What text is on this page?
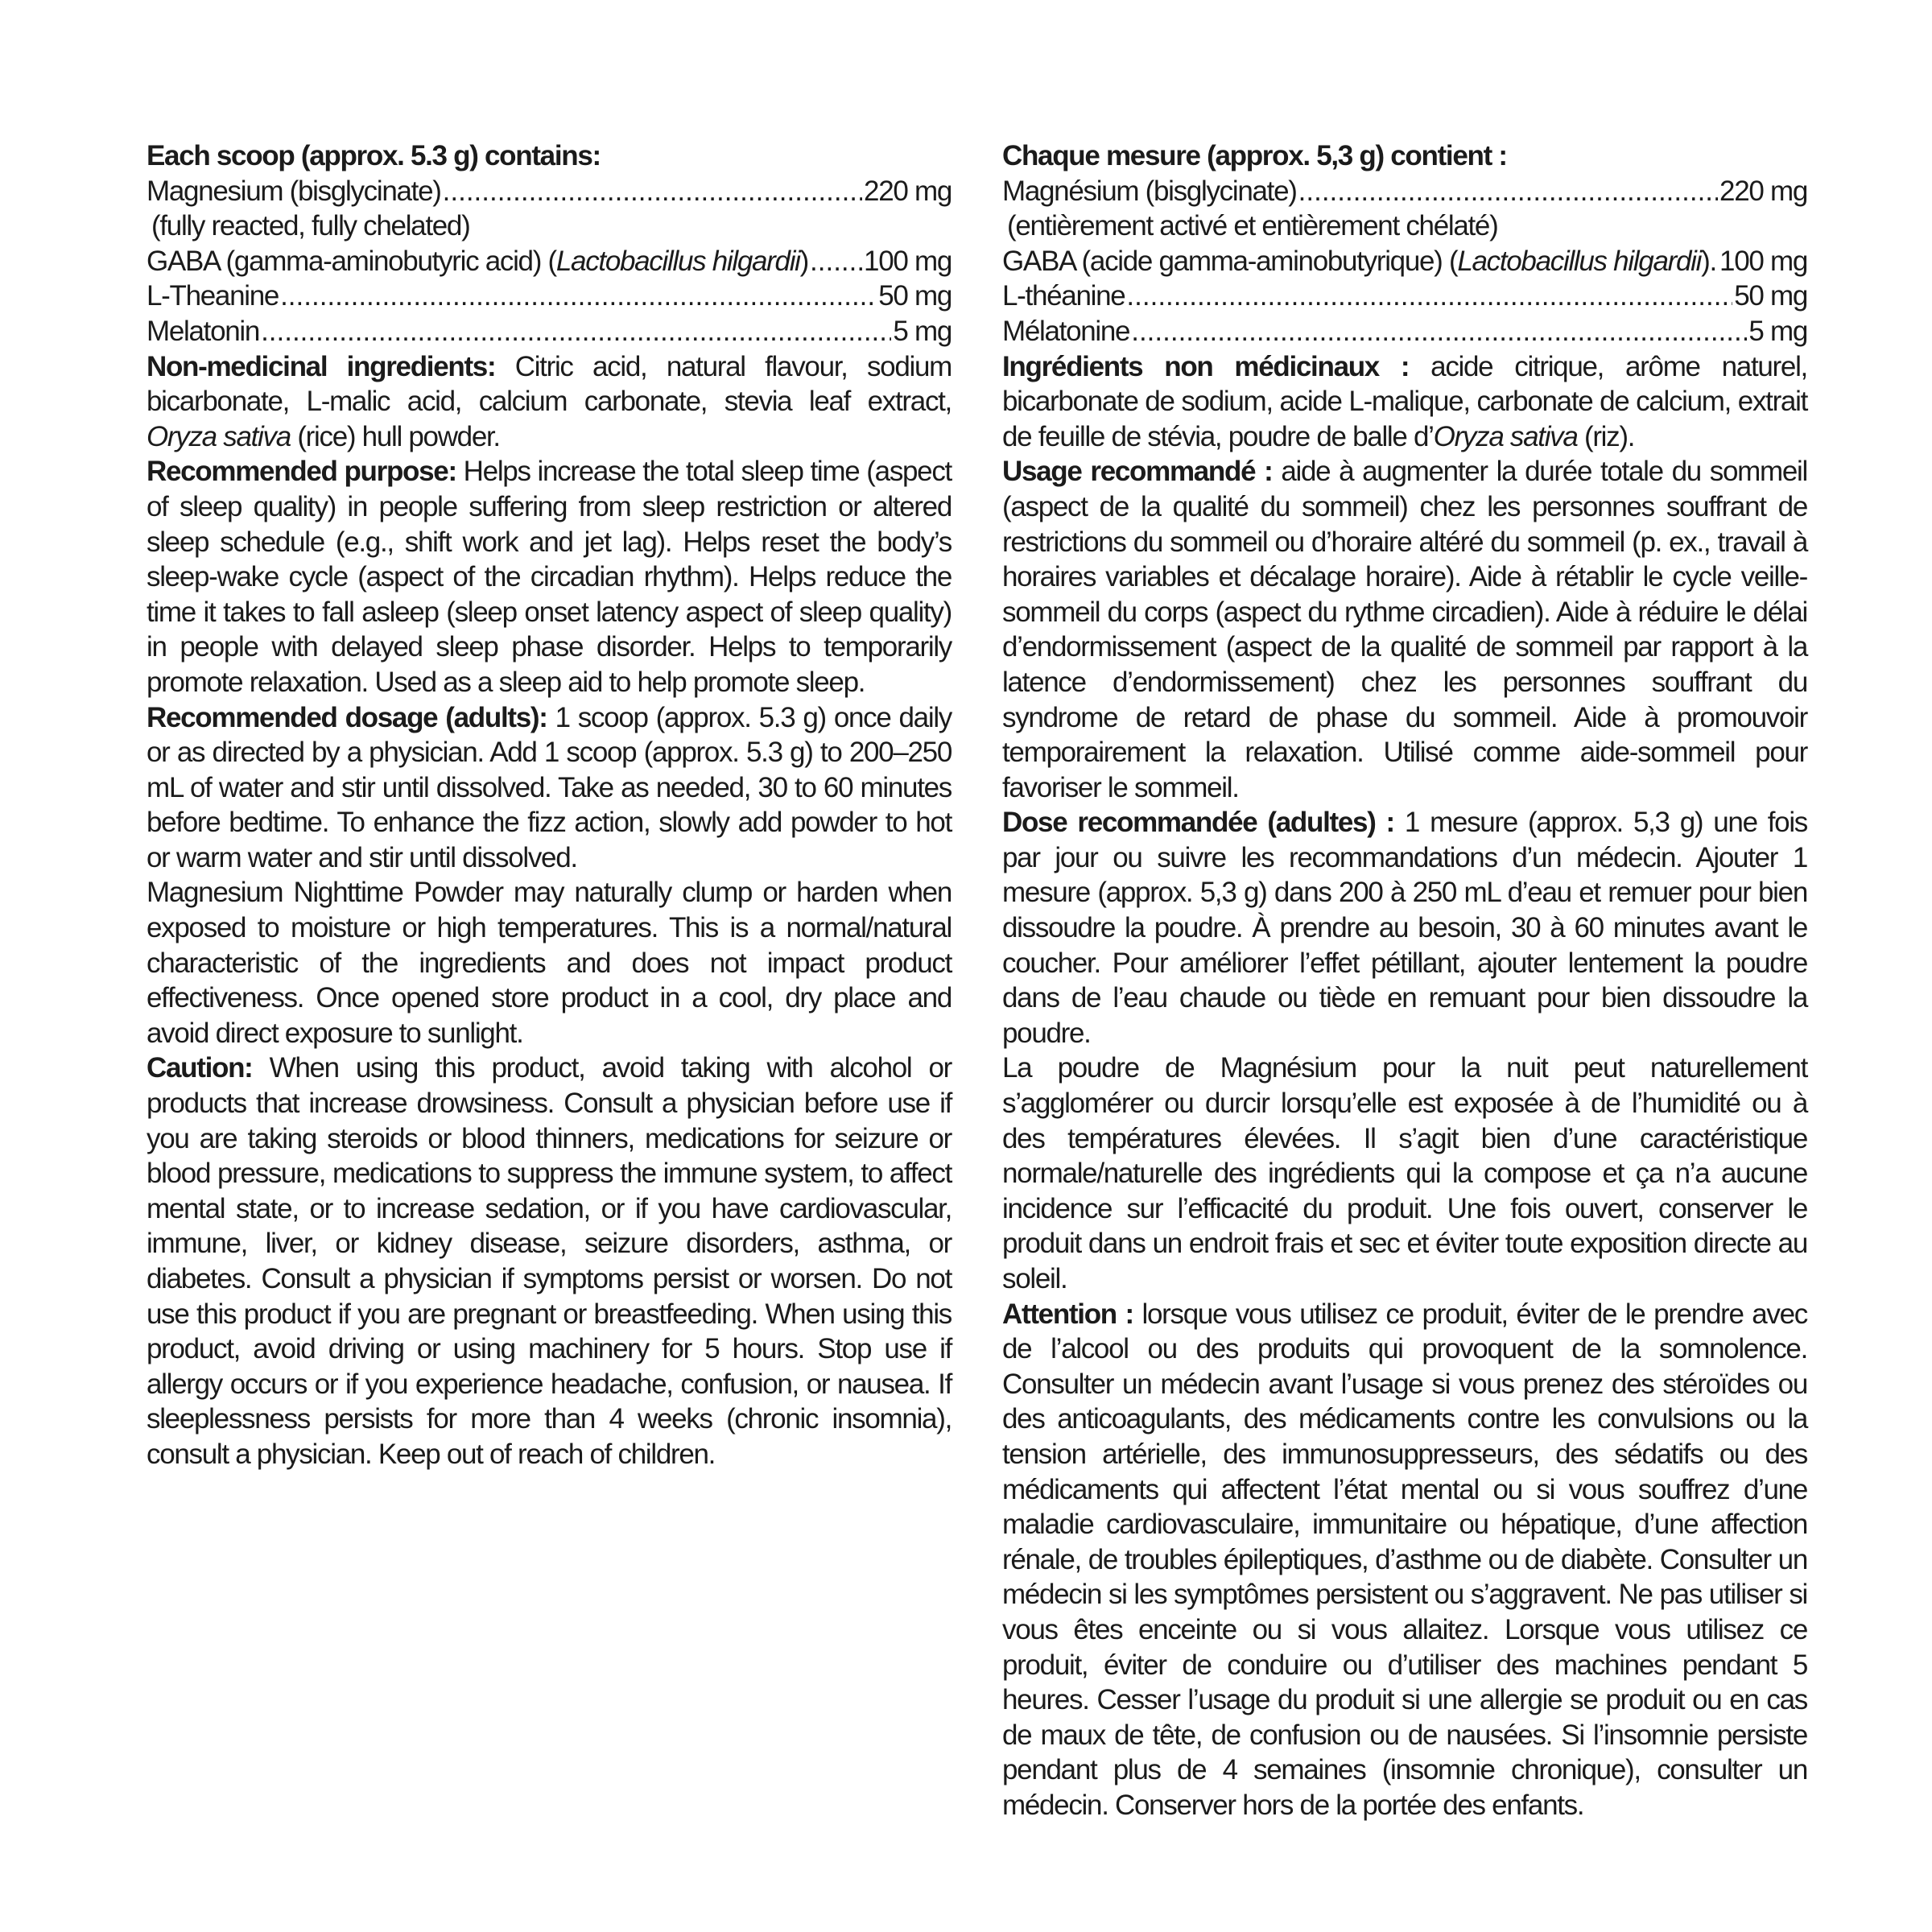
Each scoop (approx. 5.3 g) contains:

Magnesium (bisglycinate) .....	220 mg
(fully reacted, fully chelated)
GABA (gamma-aminobutyric acid) (Lactobacillus hilgardii) ..... 100 mg
L-Theanine .....	50 mg
Melatonin .....	5 mg

Non-medicinal ingredients: Citric acid, natural flavour, sodium bicarbonate, L-malic acid, calcium carbonate, stevia leaf extract, Oryza sativa (rice) hull powder.

Recommended purpose: Helps increase the total sleep time (aspect of sleep quality) in people suffering from sleep restriction or altered sleep schedule (e.g., shift work and jet lag). Helps reset the body’s sleep-wake cycle (aspect of the circadian rhythm). Helps reduce the time it takes to fall asleep (sleep onset latency aspect of sleep quality) in people with delayed sleep phase disorder. Helps to temporarily promote relaxation. Used as a sleep aid to help promote sleep.

Recommended dosage (adults): 1 scoop (approx. 5.3 g) once daily or as directed by a physician. Add 1 scoop (approx. 5.3 g) to 200–250 mL of water and stir until dissolved. Take as needed, 30 to 60 minutes before bedtime. To enhance the fizz action, slowly add powder to hot or warm water and stir until dissolved.

Magnesium Nighttime Powder may naturally clump or harden when exposed to moisture or high temperatures. This is a normal/natural characteristic of the ingredients and does not impact product effectiveness. Once opened store product in a cool, dry place and avoid direct exposure to sunlight.

Caution: When using this product, avoid taking with alcohol or products that increase drowsiness. Consult a physician before use if you are taking steroids or blood thinners, medications for seizure or blood pressure, medications to suppress the immune system, to affect mental state, or to increase sedation, or if you have cardiovascular, immune, liver, or kidney disease, seizure disorders, asthma, or diabetes. Consult a physician if symptoms persist or worsen. Do not use this product if you are pregnant or breastfeeding. When using this product, avoid driving or using machinery for 5 hours. Stop use if allergy occurs or if you experience headache, confusion, or nausea. If sleeplessness persists for more than 4 weeks (chronic insomnia), consult a physician. Keep out of reach of children.

Chaque mesure (approx. 5,3 g) contient :

Magnésium (bisglycinate) .....	220 mg
(entièrement activé et entièrement chélaté)
GABA (acide gamma-aminobutyrique) (Lactobacillus hilgardii). ..... 100 mg
L-théanine .....	50 mg
Mélatonine .....	5 mg

Ingrédients non médicinaux : acide citrique, arôme naturel, bicarbonate de sodium, acide L-malique, carbonate de calcium, extrait de feuille de stévia, poudre de balle d’Oryza sativa (riz).

Usage recommandé : aide à augmenter la durée totale du sommeil (aspect de la qualité du sommeil) chez les personnes souffrant de restrictions du sommeil ou d’horaire altéré du sommeil (p. ex., travail à horaires variables et décalage horaire). Aide à rétablir le cycle veille-sommeil du corps (aspect du rythme circadien). Aide à réduire le délai d’endormissement (aspect de la qualité de sommeil par rapport à la latence d’endormissement) chez les personnes souffrant du syndrome de retard de phase du sommeil. Aide à promouvoir temporairement la relaxation. Utilisé comme aide-sommeil pour favoriser le sommeil.

Dose recommandée (adultes) : 1 mesure (approx. 5,3 g) une fois par jour ou suivre les recommandations d’un médecin. Ajouter 1 mesure (approx. 5,3 g) dans 200 à 250 mL d’eau et remuer pour bien dissoudre la poudre. À prendre au besoin, 30 à 60 minutes avant le coucher. Pour améliorer l’effet pétillant, ajouter lentement la poudre dans de l’eau chaude ou tiède en remuant pour bien dissoudre la poudre.

La poudre de Magnésium pour la nuit peut naturellement s’agglomérer ou durcir lorsqu’elle est exposée à de l’humidité ou à des températures élevées. Il s’agit bien d’une caractéristique normale/naturelle des ingrédients qui la compose et ça n’a aucune incidence sur l’efficacité du produit. Une fois ouvert, conserver le produit dans un endroit frais et sec et éviter toute exposition directe au soleil.

Attention : lorsque vous utilisez ce produit, éviter de le prendre avec de l’alcool ou des produits qui provoquent de la somnolence. Consulter un médecin avant l’usage si vous prenez des stéroïdes ou des anticoagulants, des médicaments contre les convulsions ou la tension artérielle, des immunosuppresseurs, des sédatifs ou des médicaments qui affectent l’état mental ou si vous souffrez d’une maladie cardiovasculaire, immunitaire ou hépatique, d’une affection rénale, de troubles épileptiques, d’asthme ou de diabète. Consulter un médecin si les symptômes persistent ou s’aggravent. Ne pas utiliser si vous êtes enceinte ou si vous allaitez. Lorsque vous utilisez ce produit, éviter de conduire ou d’utiliser des machines pendant 5 heures. Cesser l’usage du produit si une allergie se produit ou en cas de maux de tête, de confusion ou de nausées. Si l’insomnie persiste pendant plus de 4 semaines (insomnie chronique), consulter un médecin. Conserver hors de la portée des enfants.
